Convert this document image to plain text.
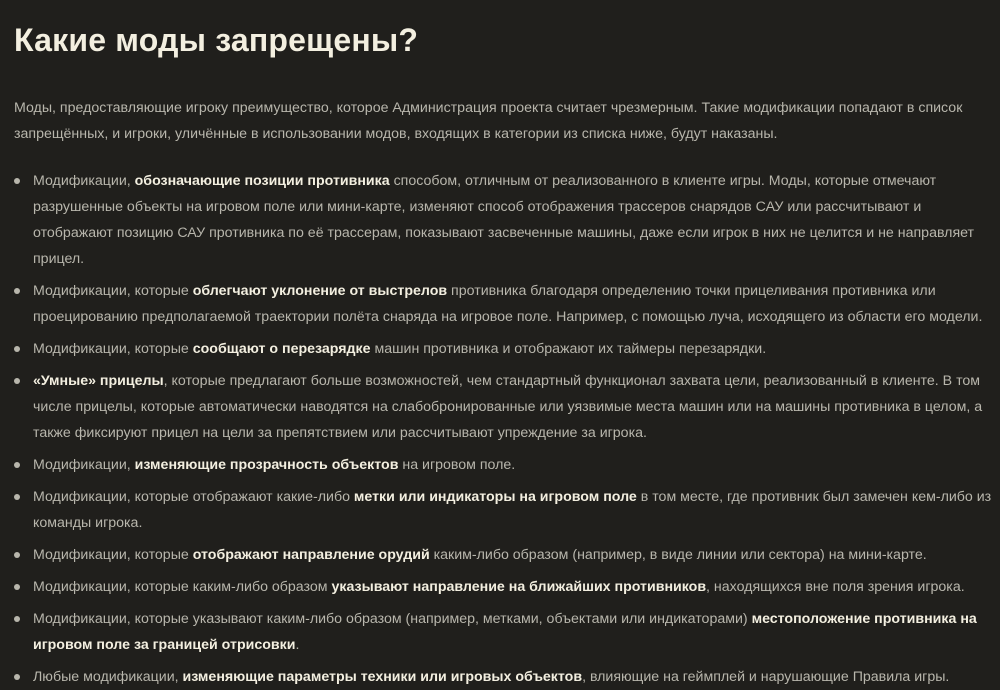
Какие моды запрещены?

Моды, предоставляющие игроку преимущество, которое Администрация проекта считает чрезмерным. Такие модификации попадают в список запрещённых, и игроки, уличённые в использовании модов, входящих в категории из списка ниже, будут наказаны.

Модификации, обозначающие позиции противника способом, отличным от реализованного в клиенте игры. Моды, которые отмечают разрушенные объекты на игровом поле или мини-карте, изменяют способ отображения трассеров снарядов САУ или рассчитывают и отображают позицию САУ противника по её трассерам, показывают засвеченные машины, даже если игрок в них не целится и не направляет прицел.
Модификации, которые облегчают уклонение от выстрелов противника благодаря определению точки прицеливания противника или проецированию предполагаемой траектории полёта снаряда на игровое поле. Например, с помощью луча, исходящего из области его модели.
Модификации, которые сообщают о перезарядке машин противника и отображают их таймеры перезарядки.
«Умные» прицелы, которые предлагают больше возможностей, чем стандартный функционал захвата цели, реализованный в клиенте. В том числе прицелы, которые автоматически наводятся на слабобронированные или уязвимые места машин или на машины противника в целом, а также фиксируют прицел на цели за препятствием или рассчитывают упреждение за игрока.
Модификации, изменяющие прозрачность объектов на игровом поле.
Модификации, которые отображают какие-либо метки или индикаторы на игровом поле в том месте, где противник был замечен кем-либо из команды игрока.
Модификации, которые отображают направление орудий каким-либо образом (например, в виде линии или сектора) на мини-карте.
Модификации, которые каким-либо образом указывают направление на ближайших противников, находящихся вне поля зрения игрока.
Модификации, которые указывают каким-либо образом (например, метками, объектами или индикаторами) местоположение противника на игровом поле за границей отрисовки.
Любые модификации, изменяющие параметры техники или игровых объектов, влияющие на геймплей и нарушающие Правила игры.
